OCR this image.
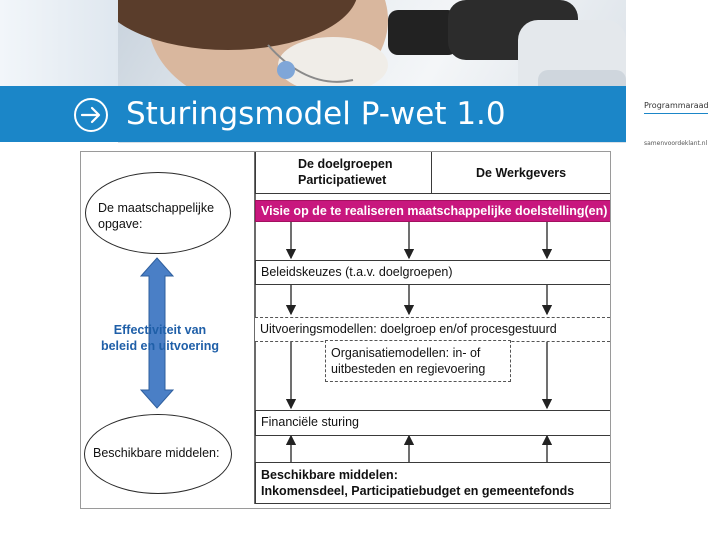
Sturingsmodel P-wet 1.0	Programmaraad
samenvoordeklant.nl
De doelgroepen
Participatiewet	De Werkgevers
Visie op de te realiseren maatschappelijke doelstelling(en)
Beleidskeuzes (t.a.v. doelgroepen)
Uitvoeringsmodellen: doelgroep en/of procesgestuurd
Organisatiemodellen: in- of
uitbesteden en regievoering
Financiële sturing
Beschikbare middelen:
Inkomensdeel, Participatiebudget en gemeentefonds
De maatschappelijke
opgave:
Beschikbare middelen:
Effectiviteit van
beleid en uitvoering
